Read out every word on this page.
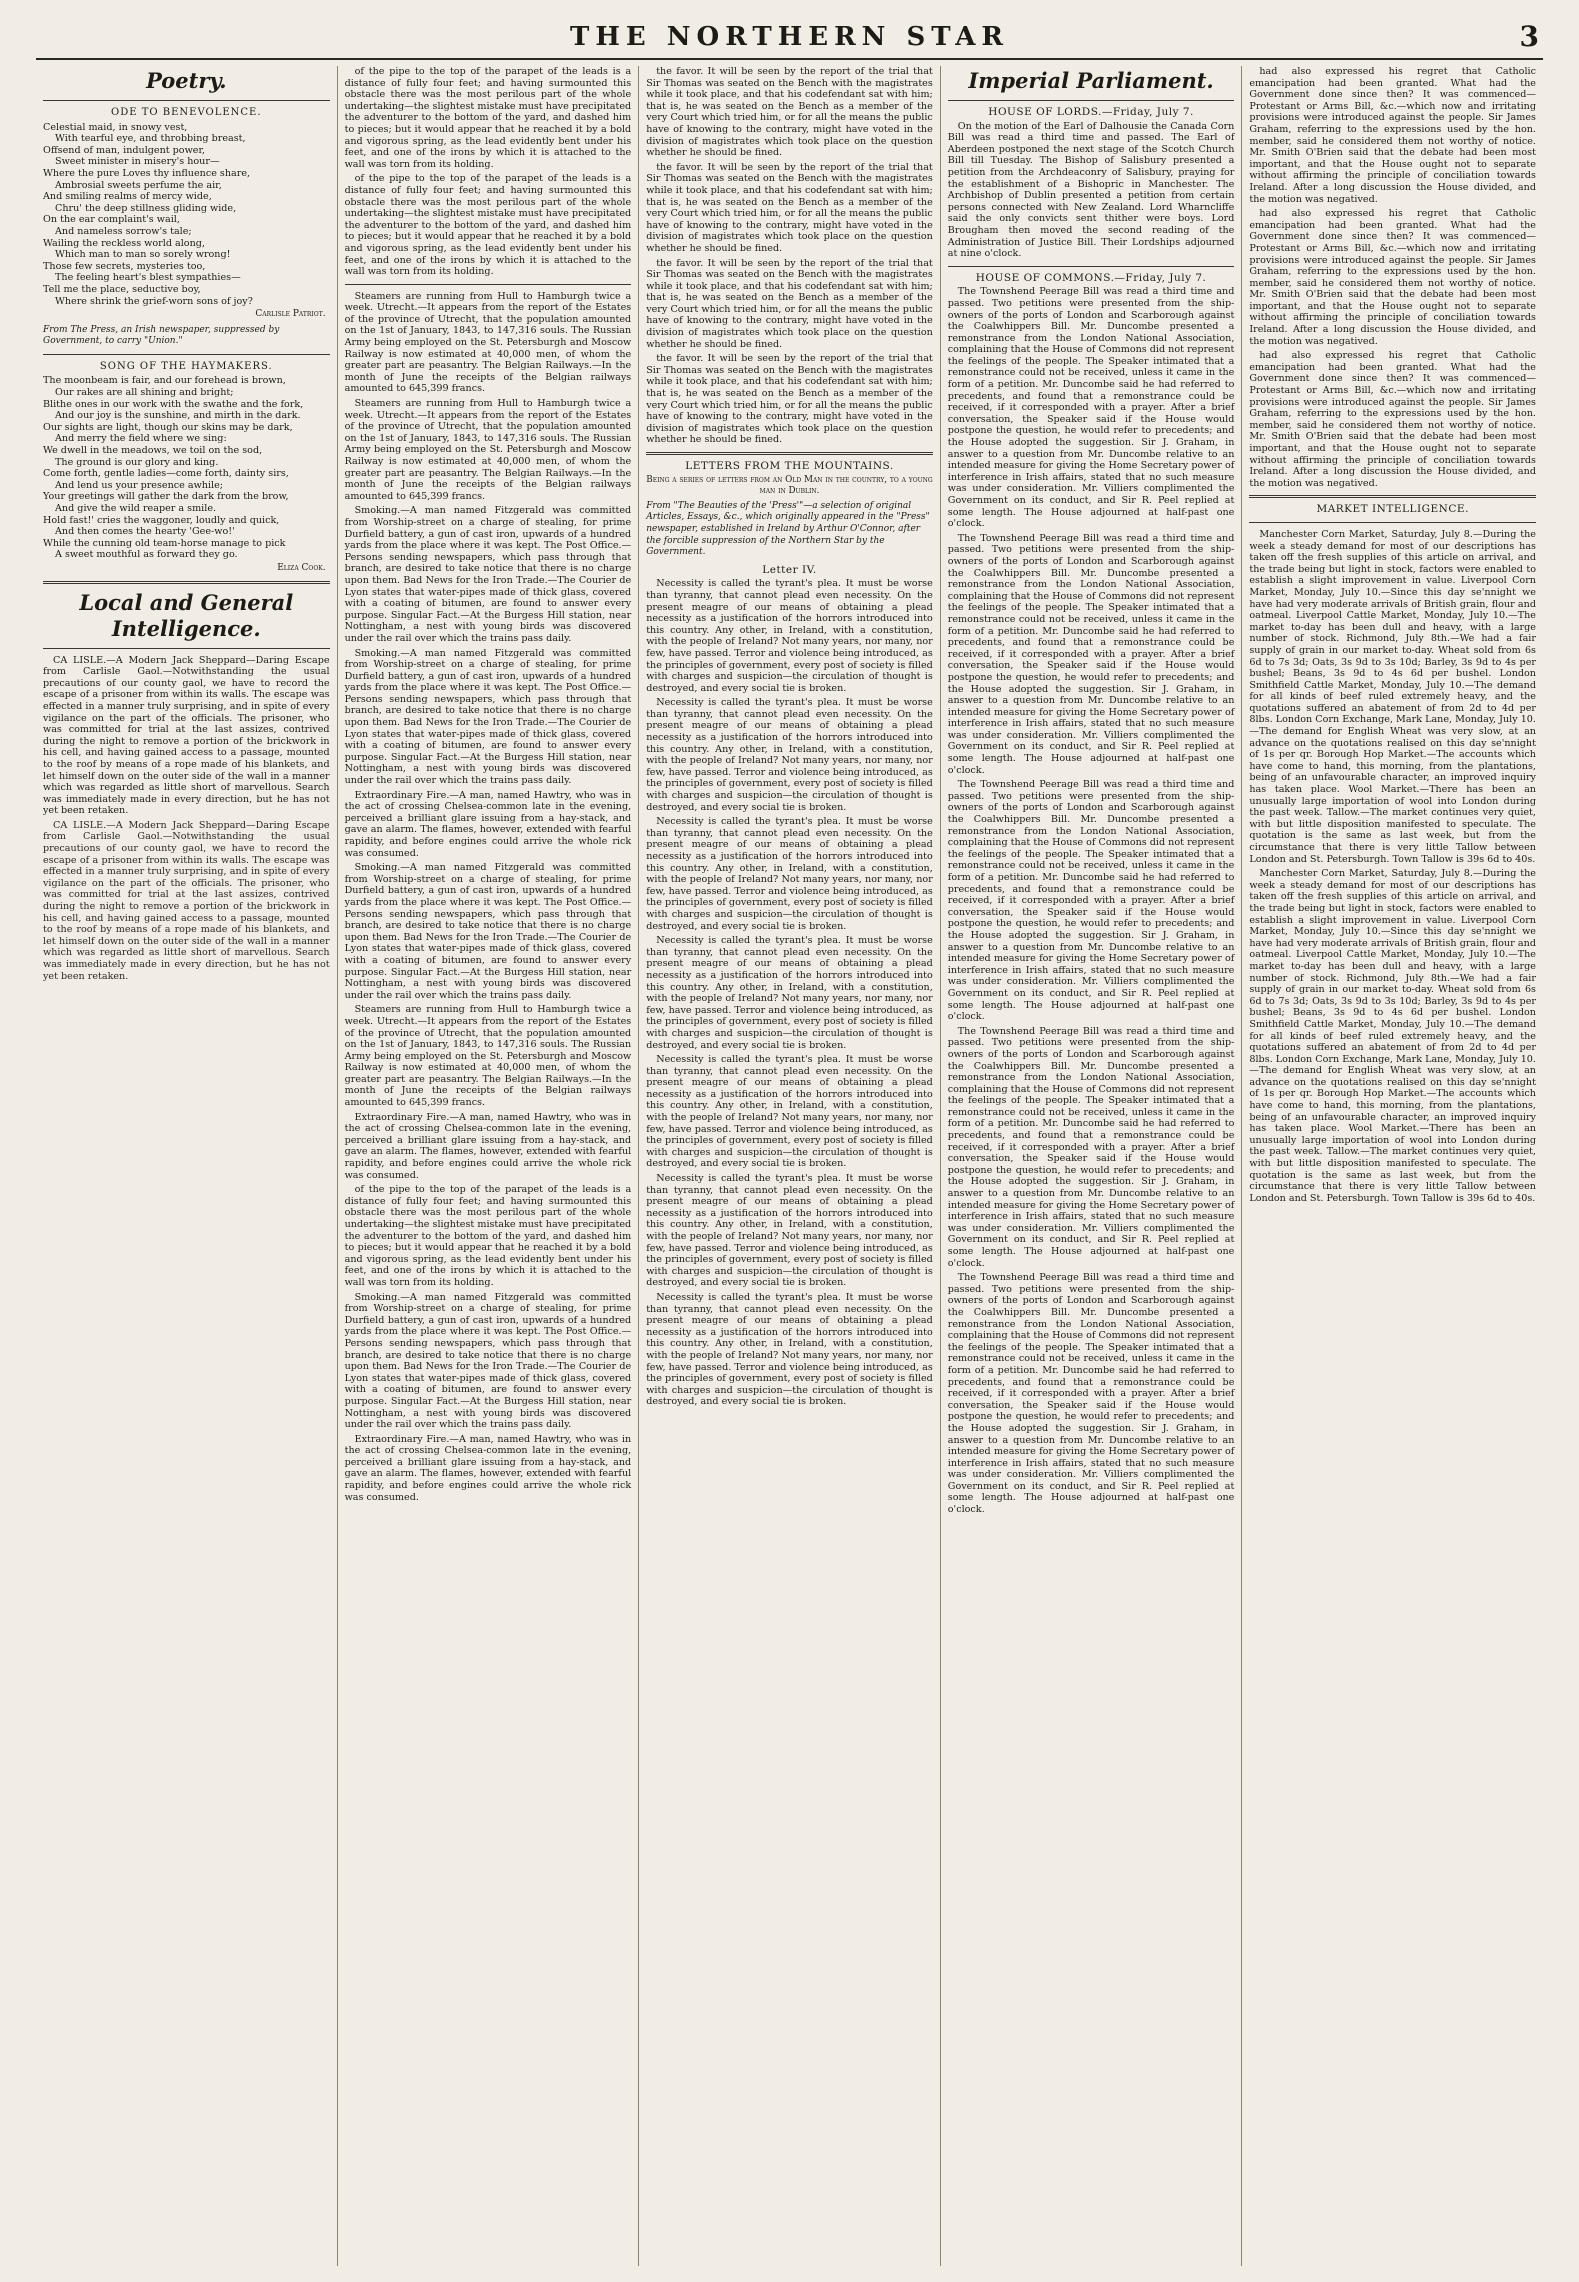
THE NORTHERN STAR	3
Poetry.
ODE TO BENEVOLENCE.
Celestial maid, in snowy vest,
With tearful eye, and throbbing breast,
Offsend of man, indulgent power,
Sweet minister in misery's hour—
Where the pure Loves thy influence share,
Ambrosial sweets perfume the air,
And smiling realms of mercy wide,
Chru' the deep stillness gliding wide,
On the ear complaint's wail,
And nameless sorrow's tale;
Wailing the reckless world along,
Which man to man so sorely wrong!
Those few secrets, mysteries too,
The feeling heart's blest sympathies—
Tell me the place, seductive boy,
Where shrink the grief-worn sons of joy?
Carlisle Patriot.
From The Press, an Irish newspaper, suppressed by Government, to carry "Union."
SONG OF THE HAYMAKERS.
The moonbeam is fair, and our forehead is brown,
Our rakes are all shining and bright;
Blithe ones in our work with the swathe and the fork,
And our joy is the sunshine, and mirth in the dark.
Our sights are light, though our skins may be dark,
And merry the field where we sing:
We dwell in the meadows, we toil on the sod,
The ground is our glory and king.
Come forth, gentle ladies—come forth, dainty sirs,
And lend us your presence awhile;
Your greetings will gather the dark from the brow,
And give the wild reaper a smile.
Hold fast!' cries the waggoner, loudly and quick,
And then comes the hearty 'Gee-wo!'
While the cunning old team-horse manage to pick
A sweet mouthful as forward they go.
Eliza Cook.
Local and General Intelligence.

CA LISLE.—A Modern Jack Sheppard—Daring Escape from Carlisle Gaol.—Notwithstanding the usual precautions of our county gaol, we have to record the escape of a prisoner from within its walls. The escape was effected in a manner truly surprising, and in spite of every vigilance on the part of the officials. The prisoner, who was committed for trial at the last assizes, contrived during the night to remove a portion of the brickwork in his cell, and having gained access to a passage, mounted to the roof by means of a rope made of his blankets, and let himself down on the outer side of the wall in a manner which was regarded as little short of marvellous. Search was immediately made in every direction, but he has not yet been retaken.

CA LISLE.—A Modern Jack Sheppard—Daring Escape from Carlisle Gaol.—Notwithstanding the usual precautions of our county gaol, we have to record the escape of a prisoner from within its walls. The escape was effected in a manner truly surprising, and in spite of every vigilance on the part of the officials. The prisoner, who was committed for trial at the last assizes, contrived during the night to remove a portion of the brickwork in his cell, and having gained access to a passage, mounted to the roof by means of a rope made of his blankets, and let himself down on the outer side of the wall in a manner which was regarded as little short of marvellous. Search was immediately made in every direction, but he has not yet been retaken.

of the pipe to the top of the parapet of the leads is a distance of fully four feet; and having surmounted this obstacle there was the most perilous part of the whole undertaking—the slightest mistake must have precipitated the adventurer to the bottom of the yard, and dashed him to pieces; but it would appear that he reached it by a bold and vigorous spring, as the lead evidently bent under his feet, and one of the irons by which it is attached to the wall was torn from its holding.

of the pipe to the top of the parapet of the leads is a distance of fully four feet; and having surmounted this obstacle there was the most perilous part of the whole undertaking—the slightest mistake must have precipitated the adventurer to the bottom of the yard, and dashed him to pieces; but it would appear that he reached it by a bold and vigorous spring, as the lead evidently bent under his feet, and one of the irons by which it is attached to the wall was torn from its holding.

Steamers are running from Hull to Hamburgh twice a week. Utrecht.—It appears from the report of the Estates of the province of Utrecht, that the population amounted on the 1st of January, 1843, to 147,316 souls. The Russian Army being employed on the St. Petersburgh and Moscow Railway is now estimated at 40,000 men, of whom the greater part are peasantry. The Belgian Railways.—In the month of June the receipts of the Belgian railways amounted to 645,399 francs.

Steamers are running from Hull to Hamburgh twice a week. Utrecht.—It appears from the report of the Estates of the province of Utrecht, that the population amounted on the 1st of January, 1843, to 147,316 souls. The Russian Army being employed on the St. Petersburgh and Moscow Railway is now estimated at 40,000 men, of whom the greater part are peasantry. The Belgian Railways.—In the month of June the receipts of the Belgian railways amounted to 645,399 francs.

Smoking.—A man named Fitzgerald was committed from Worship-street on a charge of stealing, for prime Durfield battery, a gun of cast iron, upwards of a hundred yards from the place where it was kept. The Post Office.—Persons sending newspapers, which pass through that branch, are desired to take notice that there is no charge upon them. Bad News for the Iron Trade.—The Courier de Lyon states that water-pipes made of thick glass, covered with a coating of bitumen, are found to answer every purpose. Singular Fact.—At the Burgess Hill station, near Nottingham, a nest with young birds was discovered under the rail over which the trains pass daily.

Smoking.—A man named Fitzgerald was committed from Worship-street on a charge of stealing, for prime Durfield battery, a gun of cast iron, upwards of a hundred yards from the place where it was kept. The Post Office.—Persons sending newspapers, which pass through that branch, are desired to take notice that there is no charge upon them. Bad News for the Iron Trade.—The Courier de Lyon states that water-pipes made of thick glass, covered with a coating of bitumen, are found to answer every purpose. Singular Fact.—At the Burgess Hill station, near Nottingham, a nest with young birds was discovered under the rail over which the trains pass daily.

Extraordinary Fire.—A man, named Hawtry, who was in the act of crossing Chelsea-common late in the evening, perceived a brilliant glare issuing from a hay-stack, and gave an alarm. The flames, however, extended with fearful rapidity, and before engines could arrive the whole rick was consumed.

Smoking.—A man named Fitzgerald was committed from Worship-street on a charge of stealing, for prime Durfield battery, a gun of cast iron, upwards of a hundred yards from the place where it was kept. The Post Office.—Persons sending newspapers, which pass through that branch, are desired to take notice that there is no charge upon them. Bad News for the Iron Trade.—The Courier de Lyon states that water-pipes made of thick glass, covered with a coating of bitumen, are found to answer every purpose. Singular Fact.—At the Burgess Hill station, near Nottingham, a nest with young birds was discovered under the rail over which the trains pass daily.

Steamers are running from Hull to Hamburgh twice a week. Utrecht.—It appears from the report of the Estates of the province of Utrecht, that the population amounted on the 1st of January, 1843, to 147,316 souls. The Russian Army being employed on the St. Petersburgh and Moscow Railway is now estimated at 40,000 men, of whom the greater part are peasantry. The Belgian Railways.—In the month of June the receipts of the Belgian railways amounted to 645,399 francs.

Extraordinary Fire.—A man, named Hawtry, who was in the act of crossing Chelsea-common late in the evening, perceived a brilliant glare issuing from a hay-stack, and gave an alarm. The flames, however, extended with fearful rapidity, and before engines could arrive the whole rick was consumed.

of the pipe to the top of the parapet of the leads is a distance of fully four feet; and having surmounted this obstacle there was the most perilous part of the whole undertaking—the slightest mistake must have precipitated the adventurer to the bottom of the yard, and dashed him to pieces; but it would appear that he reached it by a bold and vigorous spring, as the lead evidently bent under his feet, and one of the irons by which it is attached to the wall was torn from its holding.

Smoking.—A man named Fitzgerald was committed from Worship-street on a charge of stealing, for prime Durfield battery, a gun of cast iron, upwards of a hundred yards from the place where it was kept. The Post Office.—Persons sending newspapers, which pass through that branch, are desired to take notice that there is no charge upon them. Bad News for the Iron Trade.—The Courier de Lyon states that water-pipes made of thick glass, covered with a coating of bitumen, are found to answer every purpose. Singular Fact.—At the Burgess Hill station, near Nottingham, a nest with young birds was discovered under the rail over which the trains pass daily.

Extraordinary Fire.—A man, named Hawtry, who was in the act of crossing Chelsea-common late in the evening, perceived a brilliant glare issuing from a hay-stack, and gave an alarm. The flames, however, extended with fearful rapidity, and before engines could arrive the whole rick was consumed.

the favor. It will be seen by the report of the trial that Sir Thomas was seated on the Bench with the magistrates while it took place, and that his codefendant sat with him; that is, he was seated on the Bench as a member of the very Court which tried him, or for all the means the public have of knowing to the contrary, might have voted in the division of magistrates which took place on the question whether he should be fined.

the favor. It will be seen by the report of the trial that Sir Thomas was seated on the Bench with the magistrates while it took place, and that his codefendant sat with him; that is, he was seated on the Bench as a member of the very Court which tried him, or for all the means the public have of knowing to the contrary, might have voted in the division of magistrates which took place on the question whether he should be fined.

the favor. It will be seen by the report of the trial that Sir Thomas was seated on the Bench with the magistrates while it took place, and that his codefendant sat with him; that is, he was seated on the Bench as a member of the very Court which tried him, or for all the means the public have of knowing to the contrary, might have voted in the division of magistrates which took place on the question whether he should be fined.

the favor. It will be seen by the report of the trial that Sir Thomas was seated on the Bench with the magistrates while it took place, and that his codefendant sat with him; that is, he was seated on the Bench as a member of the very Court which tried him, or for all the means the public have of knowing to the contrary, might have voted in the division of magistrates which took place on the question whether he should be fined.

LETTERS FROM THE MOUNTAINS.
Being a series of letters from an Old Man in the country, to a young man in Dublin.
From "The Beauties of the 'Press'"—a selection of original Articles, Essays, &c., which originally appeared in the "Press" newspaper, established in Ireland by Arthur O'Connor, after the forcible suppression of the Northern Star by the Government.
Letter IV.

Necessity is called the tyrant's plea. It must be worse than tyranny, that cannot plead even necessity. On the present meagre of our means of obtaining a plead necessity as a justification of the horrors introduced into this country. Any other, in Ireland, with a constitution, with the people of Ireland? Not many years, nor many, nor few, have passed. Terror and violence being introduced, as the principles of government, every post of society is filled with charges and suspicion—the circulation of thought is destroyed, and every social tie is broken.

Necessity is called the tyrant's plea. It must be worse than tyranny, that cannot plead even necessity. On the present meagre of our means of obtaining a plead necessity as a justification of the horrors introduced into this country. Any other, in Ireland, with a constitution, with the people of Ireland? Not many years, nor many, nor few, have passed. Terror and violence being introduced, as the principles of government, every post of society is filled with charges and suspicion—the circulation of thought is destroyed, and every social tie is broken.

Necessity is called the tyrant's plea. It must be worse than tyranny, that cannot plead even necessity. On the present meagre of our means of obtaining a plead necessity as a justification of the horrors introduced into this country. Any other, in Ireland, with a constitution, with the people of Ireland? Not many years, nor many, nor few, have passed. Terror and violence being introduced, as the principles of government, every post of society is filled with charges and suspicion—the circulation of thought is destroyed, and every social tie is broken.

Necessity is called the tyrant's plea. It must be worse than tyranny, that cannot plead even necessity. On the present meagre of our means of obtaining a plead necessity as a justification of the horrors introduced into this country. Any other, in Ireland, with a constitution, with the people of Ireland? Not many years, nor many, nor few, have passed. Terror and violence being introduced, as the principles of government, every post of society is filled with charges and suspicion—the circulation of thought is destroyed, and every social tie is broken.

Necessity is called the tyrant's plea. It must be worse than tyranny, that cannot plead even necessity. On the present meagre of our means of obtaining a plead necessity as a justification of the horrors introduced into this country. Any other, in Ireland, with a constitution, with the people of Ireland? Not many years, nor many, nor few, have passed. Terror and violence being introduced, as the principles of government, every post of society is filled with charges and suspicion—the circulation of thought is destroyed, and every social tie is broken.

Necessity is called the tyrant's plea. It must be worse than tyranny, that cannot plead even necessity. On the present meagre of our means of obtaining a plead necessity as a justification of the horrors introduced into this country. Any other, in Ireland, with a constitution, with the people of Ireland? Not many years, nor many, nor few, have passed. Terror and violence being introduced, as the principles of government, every post of society is filled with charges and suspicion—the circulation of thought is destroyed, and every social tie is broken.

Necessity is called the tyrant's plea. It must be worse than tyranny, that cannot plead even necessity. On the present meagre of our means of obtaining a plead necessity as a justification of the horrors introduced into this country. Any other, in Ireland, with a constitution, with the people of Ireland? Not many years, nor many, nor few, have passed. Terror and violence being introduced, as the principles of government, every post of society is filled with charges and suspicion—the circulation of thought is destroyed, and every social tie is broken.

Imperial Parliament.
HOUSE OF LORDS.—Friday, July 7.

On the motion of the Earl of Dalhousie the Canada Corn Bill was read a third time and passed. The Earl of Aberdeen postponed the next stage of the Scotch Church Bill till Tuesday. The Bishop of Salisbury presented a petition from the Archdeaconry of Salisbury, praying for the establishment of a Bishopric in Manchester. The Archbishop of Dublin presented a petition from certain persons connected with New Zealand. Lord Wharncliffe said the only convicts sent thither were boys. Lord Brougham then moved the second reading of the Administration of Justice Bill. Their Lordships adjourned at nine o'clock.

HOUSE OF COMMONS.—Friday, July 7.

The Townshend Peerage Bill was read a third time and passed. Two petitions were presented from the ship-owners of the ports of London and Scarborough against the Coalwhippers Bill. Mr. Duncombe presented a remonstrance from the London National Association, complaining that the House of Commons did not represent the feelings of the people. The Speaker intimated that a remonstrance could not be received, unless it came in the form of a petition. Mr. Duncombe said he had referred to precedents, and found that a remonstrance could be received, if it corresponded with a prayer. After a brief conversation, the Speaker said if the House would postpone the question, he would refer to precedents; and the House adopted the suggestion. Sir J. Graham, in answer to a question from Mr. Duncombe relative to an intended measure for giving the Home Secretary power of interference in Irish affairs, stated that no such measure was under consideration. Mr. Villiers complimented the Government on its conduct, and Sir R. Peel replied at some length. The House adjourned at half-past one o'clock.

The Townshend Peerage Bill was read a third time and passed. Two petitions were presented from the ship-owners of the ports of London and Scarborough against the Coalwhippers Bill. Mr. Duncombe presented a remonstrance from the London National Association, complaining that the House of Commons did not represent the feelings of the people. The Speaker intimated that a remonstrance could not be received, unless it came in the form of a petition. Mr. Duncombe said he had referred to precedents, and found that a remonstrance could be received, if it corresponded with a prayer. After a brief conversation, the Speaker said if the House would postpone the question, he would refer to precedents; and the House adopted the suggestion. Sir J. Graham, in answer to a question from Mr. Duncombe relative to an intended measure for giving the Home Secretary power of interference in Irish affairs, stated that no such measure was under consideration. Mr. Villiers complimented the Government on its conduct, and Sir R. Peel replied at some length. The House adjourned at half-past one o'clock.

The Townshend Peerage Bill was read a third time and passed. Two petitions were presented from the ship-owners of the ports of London and Scarborough against the Coalwhippers Bill. Mr. Duncombe presented a remonstrance from the London National Association, complaining that the House of Commons did not represent the feelings of the people. The Speaker intimated that a remonstrance could not be received, unless it came in the form of a petition. Mr. Duncombe said he had referred to precedents, and found that a remonstrance could be received, if it corresponded with a prayer. After a brief conversation, the Speaker said if the House would postpone the question, he would refer to precedents; and the House adopted the suggestion. Sir J. Graham, in answer to a question from Mr. Duncombe relative to an intended measure for giving the Home Secretary power of interference in Irish affairs, stated that no such measure was under consideration. Mr. Villiers complimented the Government on its conduct, and Sir R. Peel replied at some length. The House adjourned at half-past one o'clock.

The Townshend Peerage Bill was read a third time and passed. Two petitions were presented from the ship-owners of the ports of London and Scarborough against the Coalwhippers Bill. Mr. Duncombe presented a remonstrance from the London National Association, complaining that the House of Commons did not represent the feelings of the people. The Speaker intimated that a remonstrance could not be received, unless it came in the form of a petition. Mr. Duncombe said he had referred to precedents, and found that a remonstrance could be received, if it corresponded with a prayer. After a brief conversation, the Speaker said if the House would postpone the question, he would refer to precedents; and the House adopted the suggestion. Sir J. Graham, in answer to a question from Mr. Duncombe relative to an intended measure for giving the Home Secretary power of interference in Irish affairs, stated that no such measure was under consideration. Mr. Villiers complimented the Government on its conduct, and Sir R. Peel replied at some length. The House adjourned at half-past one o'clock.

The Townshend Peerage Bill was read a third time and passed. Two petitions were presented from the ship-owners of the ports of London and Scarborough against the Coalwhippers Bill. Mr. Duncombe presented a remonstrance from the London National Association, complaining that the House of Commons did not represent the feelings of the people. The Speaker intimated that a remonstrance could not be received, unless it came in the form of a petition. Mr. Duncombe said he had referred to precedents, and found that a remonstrance could be received, if it corresponded with a prayer. After a brief conversation, the Speaker said if the House would postpone the question, he would refer to precedents; and the House adopted the suggestion. Sir J. Graham, in answer to a question from Mr. Duncombe relative to an intended measure for giving the Home Secretary power of interference in Irish affairs, stated that no such measure was under consideration. Mr. Villiers complimented the Government on its conduct, and Sir R. Peel replied at some length. The House adjourned at half-past one o'clock.

had also expressed his regret that Catholic emancipation had been granted. What had the Government done since then? It was commenced—Protestant or Arms Bill, &c.—which now and irritating provisions were introduced against the people. Sir James Graham, referring to the expressions used by the hon. member, said he considered them not worthy of notice. Mr. Smith O'Brien said that the debate had been most important, and that the House ought not to separate without affirming the principle of conciliation towards Ireland. After a long discussion the House divided, and the motion was negatived.

had also expressed his regret that Catholic emancipation had been granted. What had the Government done since then? It was commenced—Protestant or Arms Bill, &c.—which now and irritating provisions were introduced against the people. Sir James Graham, referring to the expressions used by the hon. member, said he considered them not worthy of notice. Mr. Smith O'Brien said that the debate had been most important, and that the House ought not to separate without affirming the principle of conciliation towards Ireland. After a long discussion the House divided, and the motion was negatived.

had also expressed his regret that Catholic emancipation had been granted. What had the Government done since then? It was commenced—Protestant or Arms Bill, &c.—which now and irritating provisions were introduced against the people. Sir James Graham, referring to the expressions used by the hon. member, said he considered them not worthy of notice. Mr. Smith O'Brien said that the debate had been most important, and that the House ought not to separate without affirming the principle of conciliation towards Ireland. After a long discussion the House divided, and the motion was negatived.

MARKET INTELLIGENCE.

Manchester Corn Market, Saturday, July 8.—During the week a steady demand for most of our descriptions has taken off the fresh supplies of this article on arrival, and the trade being but light in stock, factors were enabled to establish a slight improvement in value. Liverpool Corn Market, Monday, July 10.—Since this day se'nnight we have had very moderate arrivals of British grain, flour and oatmeal. Liverpool Cattle Market, Monday, July 10.—The market to-day has been dull and heavy, with a large number of stock. Richmond, July 8th.—We had a fair supply of grain in our market to-day. Wheat sold from 6s 6d to 7s 3d; Oats, 3s 9d to 3s 10d; Barley, 3s 9d to 4s per bushel; Beans, 3s 9d to 4s 6d per bushel. London Smithfield Cattle Market, Monday, July 10.—The demand for all kinds of beef ruled extremely heavy, and the quotations suffered an abatement of from 2d to 4d per 8lbs. London Corn Exchange, Mark Lane, Monday, July 10.—The demand for English Wheat was very slow, at an advance on the quotations realised on this day se'nnight of 1s per qr. Borough Hop Market.—The accounts which have come to hand, this morning, from the plantations, being of an unfavourable character, an improved inquiry has taken place. Wool Market.—There has been an unusually large importation of wool into London during the past week. Tallow.—The market continues very quiet, with but little disposition manifested to speculate. The quotation is the same as last week, but from the circumstance that there is very little Tallow between London and St. Petersburgh. Town Tallow is 39s 6d to 40s.

Manchester Corn Market, Saturday, July 8.—During the week a steady demand for most of our descriptions has taken off the fresh supplies of this article on arrival, and the trade being but light in stock, factors were enabled to establish a slight improvement in value. Liverpool Corn Market, Monday, July 10.—Since this day se'nnight we have had very moderate arrivals of British grain, flour and oatmeal. Liverpool Cattle Market, Monday, July 10.—The market to-day has been dull and heavy, with a large number of stock. Richmond, July 8th.—We had a fair supply of grain in our market to-day. Wheat sold from 6s 6d to 7s 3d; Oats, 3s 9d to 3s 10d; Barley, 3s 9d to 4s per bushel; Beans, 3s 9d to 4s 6d per bushel. London Smithfield Cattle Market, Monday, July 10.—The demand for all kinds of beef ruled extremely heavy, and the quotations suffered an abatement of from 2d to 4d per 8lbs. London Corn Exchange, Mark Lane, Monday, July 10.—The demand for English Wheat was very slow, at an advance on the quotations realised on this day se'nnight of 1s per qr. Borough Hop Market.—The accounts which have come to hand, this morning, from the plantations, being of an unfavourable character, an improved inquiry has taken place. Wool Market.—There has been an unusually large importation of wool into London during the past week. Tallow.—The market continues very quiet, with but little disposition manifested to speculate. The quotation is the same as last week, but from the circumstance that there is very little Tallow between London and St. Petersburgh. Town Tallow is 39s 6d to 40s.
